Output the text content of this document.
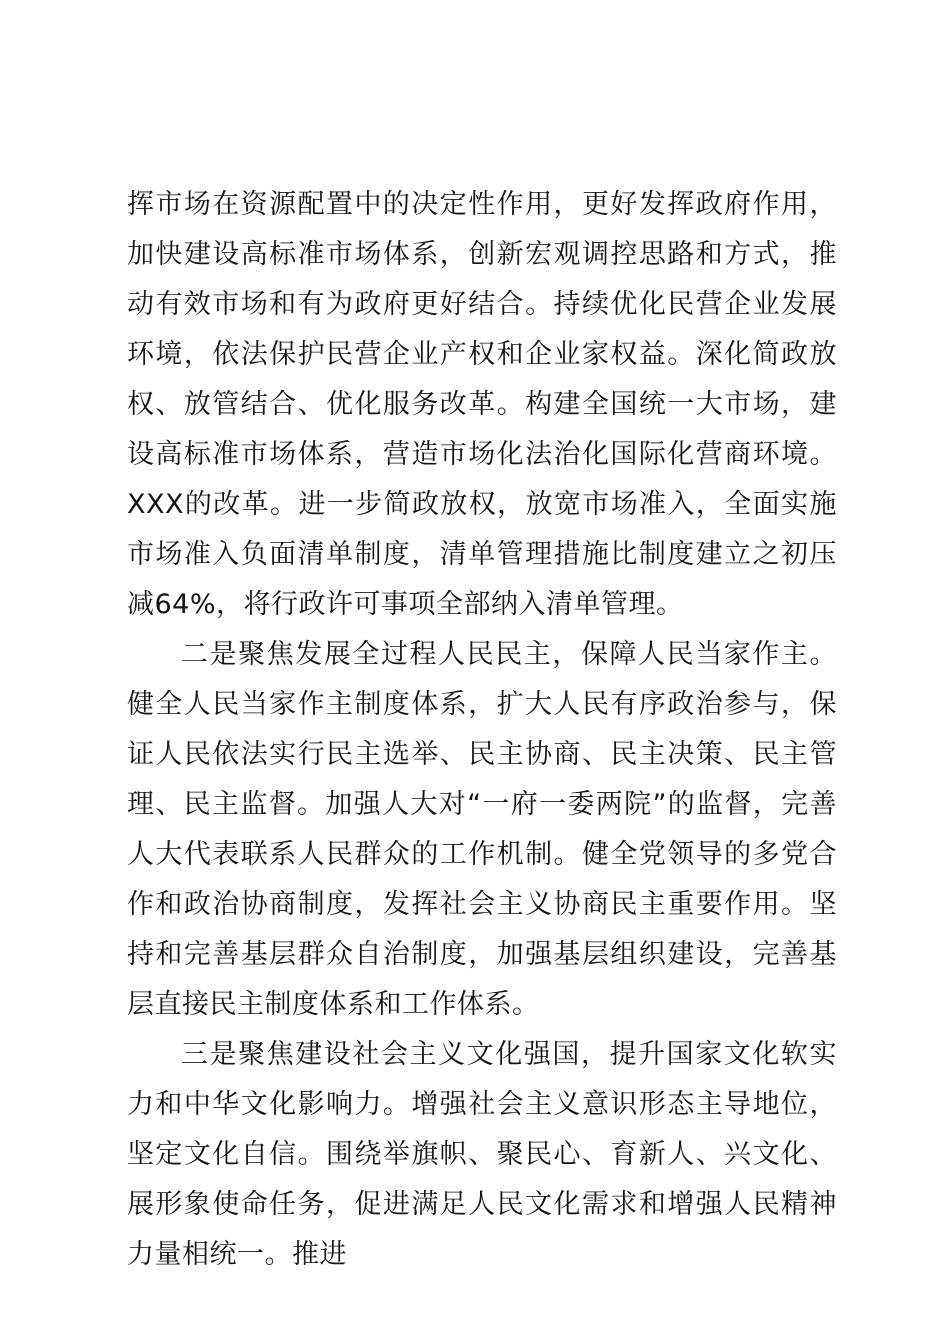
挥市场在资源配置中的决定性作用，更好发挥政府作用，加快建设高标准市场体系，创新宏观调控思路和方式，推动有效市场和有为政府更好结合。持续优化民营企业发展环境，依法保护民营企业产权和企业家权益。深化简政放权、放管结合、优化服务改革。构建全国统一大市场，建设高标准市场体系，营造市场化法治化国际化营商环境。XXX的改革。进一步简政放权，放宽市场准入，全面实施市场准入负面清单制度，清单管理措施比制度建立之初压减64%，将行政许可事项全部纳入清单管理。

二是聚焦发展全过程人民民主，保障人民当家作主。健全人民当家作主制度体系，扩大人民有序政治参与，保证人民依法实行民主选举、民主协商、民主决策、民主管理、民主监督。加强人大对“一府一委两院”的监督，完善人大代表联系人民群众的工作机制。健全党领导的多党合作和政治协商制度，发挥社会主义协商民主重要作用。坚持和完善基层群众自治制度，加强基层组织建设，完善基层直接民主制度体系和工作体系。

三是聚焦建设社会主义文化强国，提升国家文化软实力和中华文化影响力。增强社会主义意识形态主导地位，坚定文化自信。围绕举旗帜、聚民心、育新人、兴文化、展形象使命任务，促进满足人民文化需求和增强人民精神力量相统一。推进
